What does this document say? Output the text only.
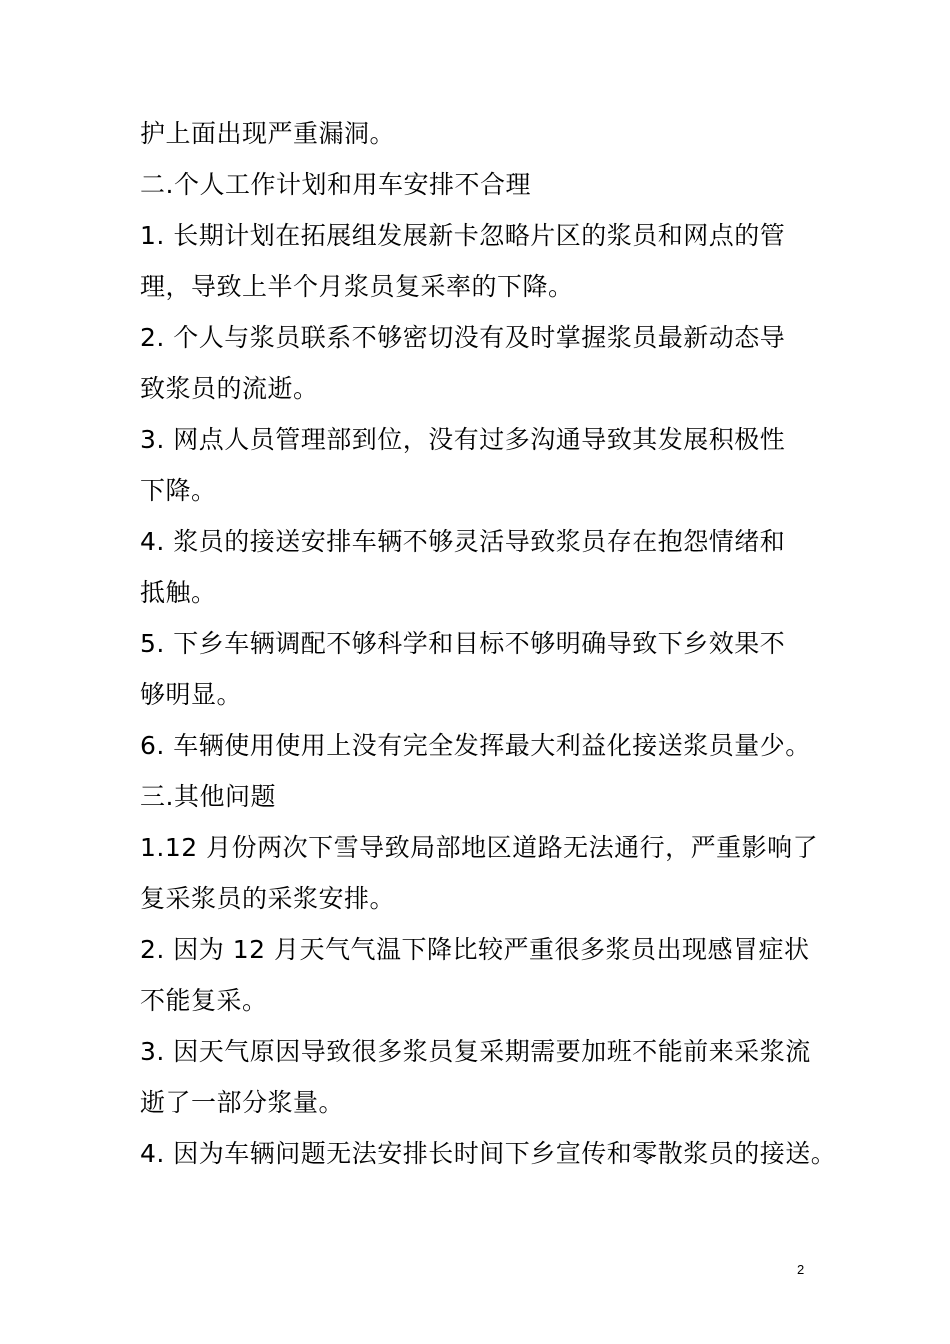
护上面出现严重漏洞。
二.个人工作计划和用车安排不合理
1. 长期计划在拓展组发展新卡忽略片区的浆员和网点的管
理，导致上半个月浆员复采率的下降。
2. 个人与浆员联系不够密切没有及时掌握浆员最新动态导
致浆员的流逝。
3. 网点人员管理部到位，没有过多沟通导致其发展积极性
下降。
4. 浆员的接送安排车辆不够灵活导致浆员存在抱怨情绪和
抵触。
5. 下乡车辆调配不够科学和目标不够明确导致下乡效果不
够明显。
6. 车辆使用使用上没有完全发挥最大利益化接送浆员量少。
三.其他问题
1.12 月份两次下雪导致局部地区道路无法通行，严重影响了
复采浆员的采浆安排。
2. 因为 12 月天气气温下降比较严重很多浆员出现感冒症状
不能复采。
3. 因天气原因导致很多浆员复采期需要加班不能前来采浆流
逝了一部分浆量。
4. 因为车辆问题无法安排长时间下乡宣传和零散浆员的接送。
2
